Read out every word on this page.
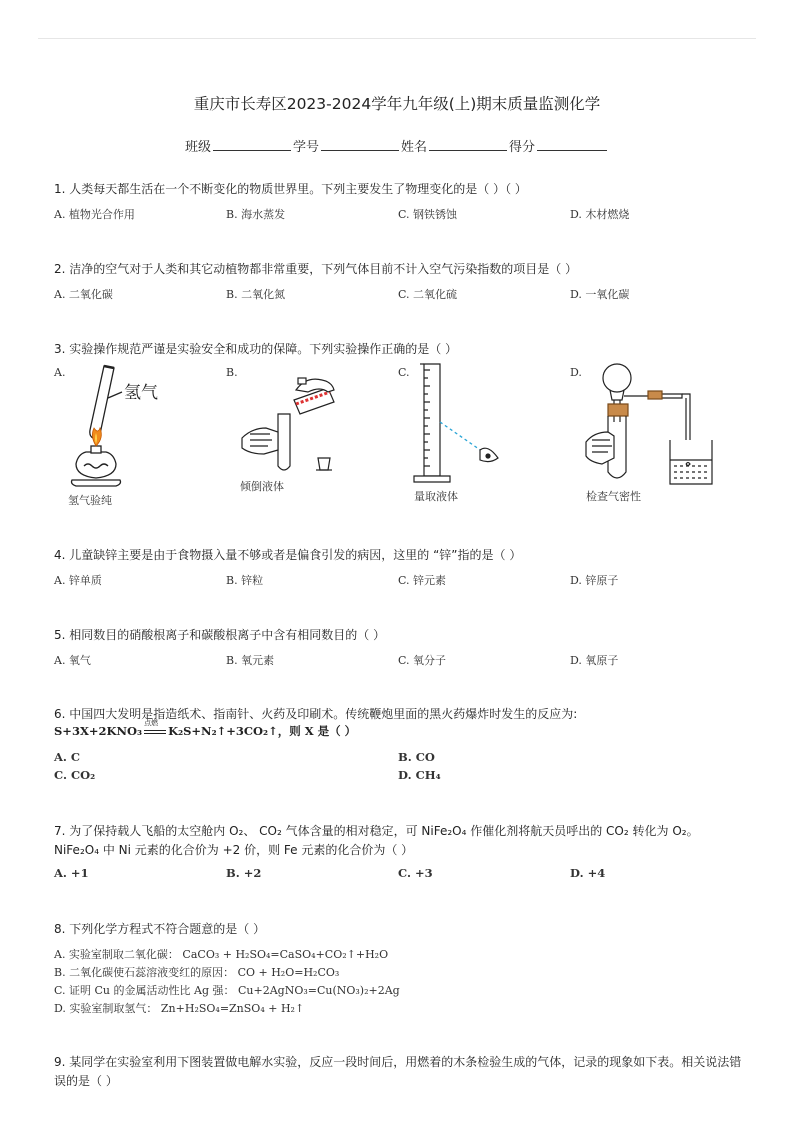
重庆市长寿区2023-2024学年九年级(上)期末质量监测化学
班级	学号	姓名	得分
1. 人类每天都生活在一个不断变化的物质世界里。下列主要发生了物理变化的是（ ）（ ）
A. 植物光合作用	B. 海水蒸发	C. 钢铁锈蚀	D. 木材燃烧
2. 洁净的空气对于人类和其它动植物都非常重要，下列气体目前不计入空气污染指数的项目是（ ）
A. 二氧化碳	B. 二氧化氮	C. 二氧化硫	D. 一氧化碳
3. 实验操作规范严谨是实验安全和成功的保障。下列实验操作正确的是（ ）
A.	B.	C.	D.
氢气
氢气验纯
倾倒液体
量取液体	检查气密性
4. 儿童缺锌主要是由于食物摄入量不够或者是偏食引发的病因，这里的 “锌”指的是（ ）
A. 锌单质	B. 锌粒	C. 锌元素	D. 锌原子
5. 相同数目的硝酸根离子和碳酸根离子中含有相同数目的（ ）
A. 氧气	B. 氧元素	C. 氧分子	D. 氧原子
6. 中国四大发明是指造纸术、指南针、火药及印刷术。传统鞭炮里面的黑火药爆炸时发生的反应为:
S+3X+2KNO₃
点燃
K₂S+N₂↑+3CO₂↑，则 X 是（ ）
A. C	B. CO
C. CO₂	D. CH₄
7. 为了保持载人飞船的太空舱内 O₂、 CO₂ 气体含量的相对稳定，可 NiFe₂O₄ 作催化剂将航天员呼出的 CO₂ 转化为 O₂。
NiFe₂O₄ 中 Ni 元素的化合价为 +2 价，则 Fe 元素的化合价为（ ）
A. +1	B. +2	C. +3	D. +4
8. 下列化学方程式不符合题意的是（ ）
A. 实验室制取二氧化碳： CaCO₃ + H₂SO₄=CaSO₄+CO₂↑+H₂O
B. 二氧化碳使石蕊溶液变红的原因： CO + H₂O=H₂CO₃
C. 证明 Cu 的金属活动性比 Ag 强： Cu+2AgNO₃=Cu(NO₃)₂+2Ag
D. 实验室制取氢气： Zn+H₂SO₄=ZnSO₄ + H₂↑
9. 某同学在实验室利用下图装置做电解水实验，反应一段时间后，用燃着的木条检验生成的气体，记录的现象如下表。相关说法错
误的是（ ）
